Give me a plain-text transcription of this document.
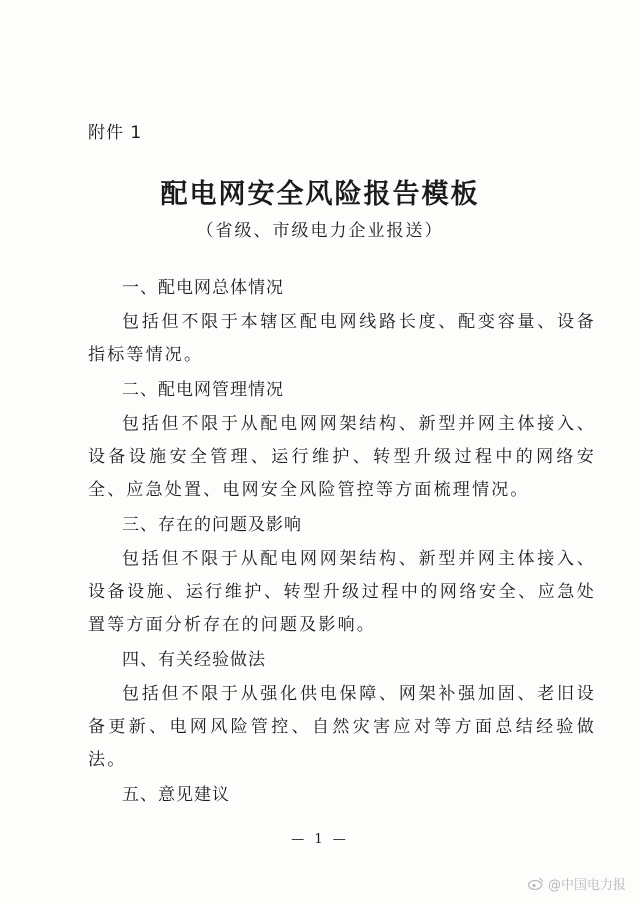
附件 1
配电网安全风险报告模板
（省级、市级电力企业报送）

一、配电网总体情况

包括但不限于本辖区配电网线路长度、配变容量、设备指标等情况。

二、配电网管理情况

包括但不限于从配电网网架结构、新型并网主体接入、设备设施安全管理、运行维护、转型升级过程中的网络安全、应急处置、电网安全风险管控等方面梳理情况。

三、存在的问题及影响

包括但不限于从配电网网架结构、新型并网主体接入、设备设施、运行维护、转型升级过程中的网络安全、应急处置等方面分析存在的问题及影响。

四、有关经验做法

包括但不限于从强化供电保障、网架补强加固、老旧设备更新、电网风险管控、自然灾害应对等方面总结经验做法。

五、意见建议

— 1 —
@中国电力报
